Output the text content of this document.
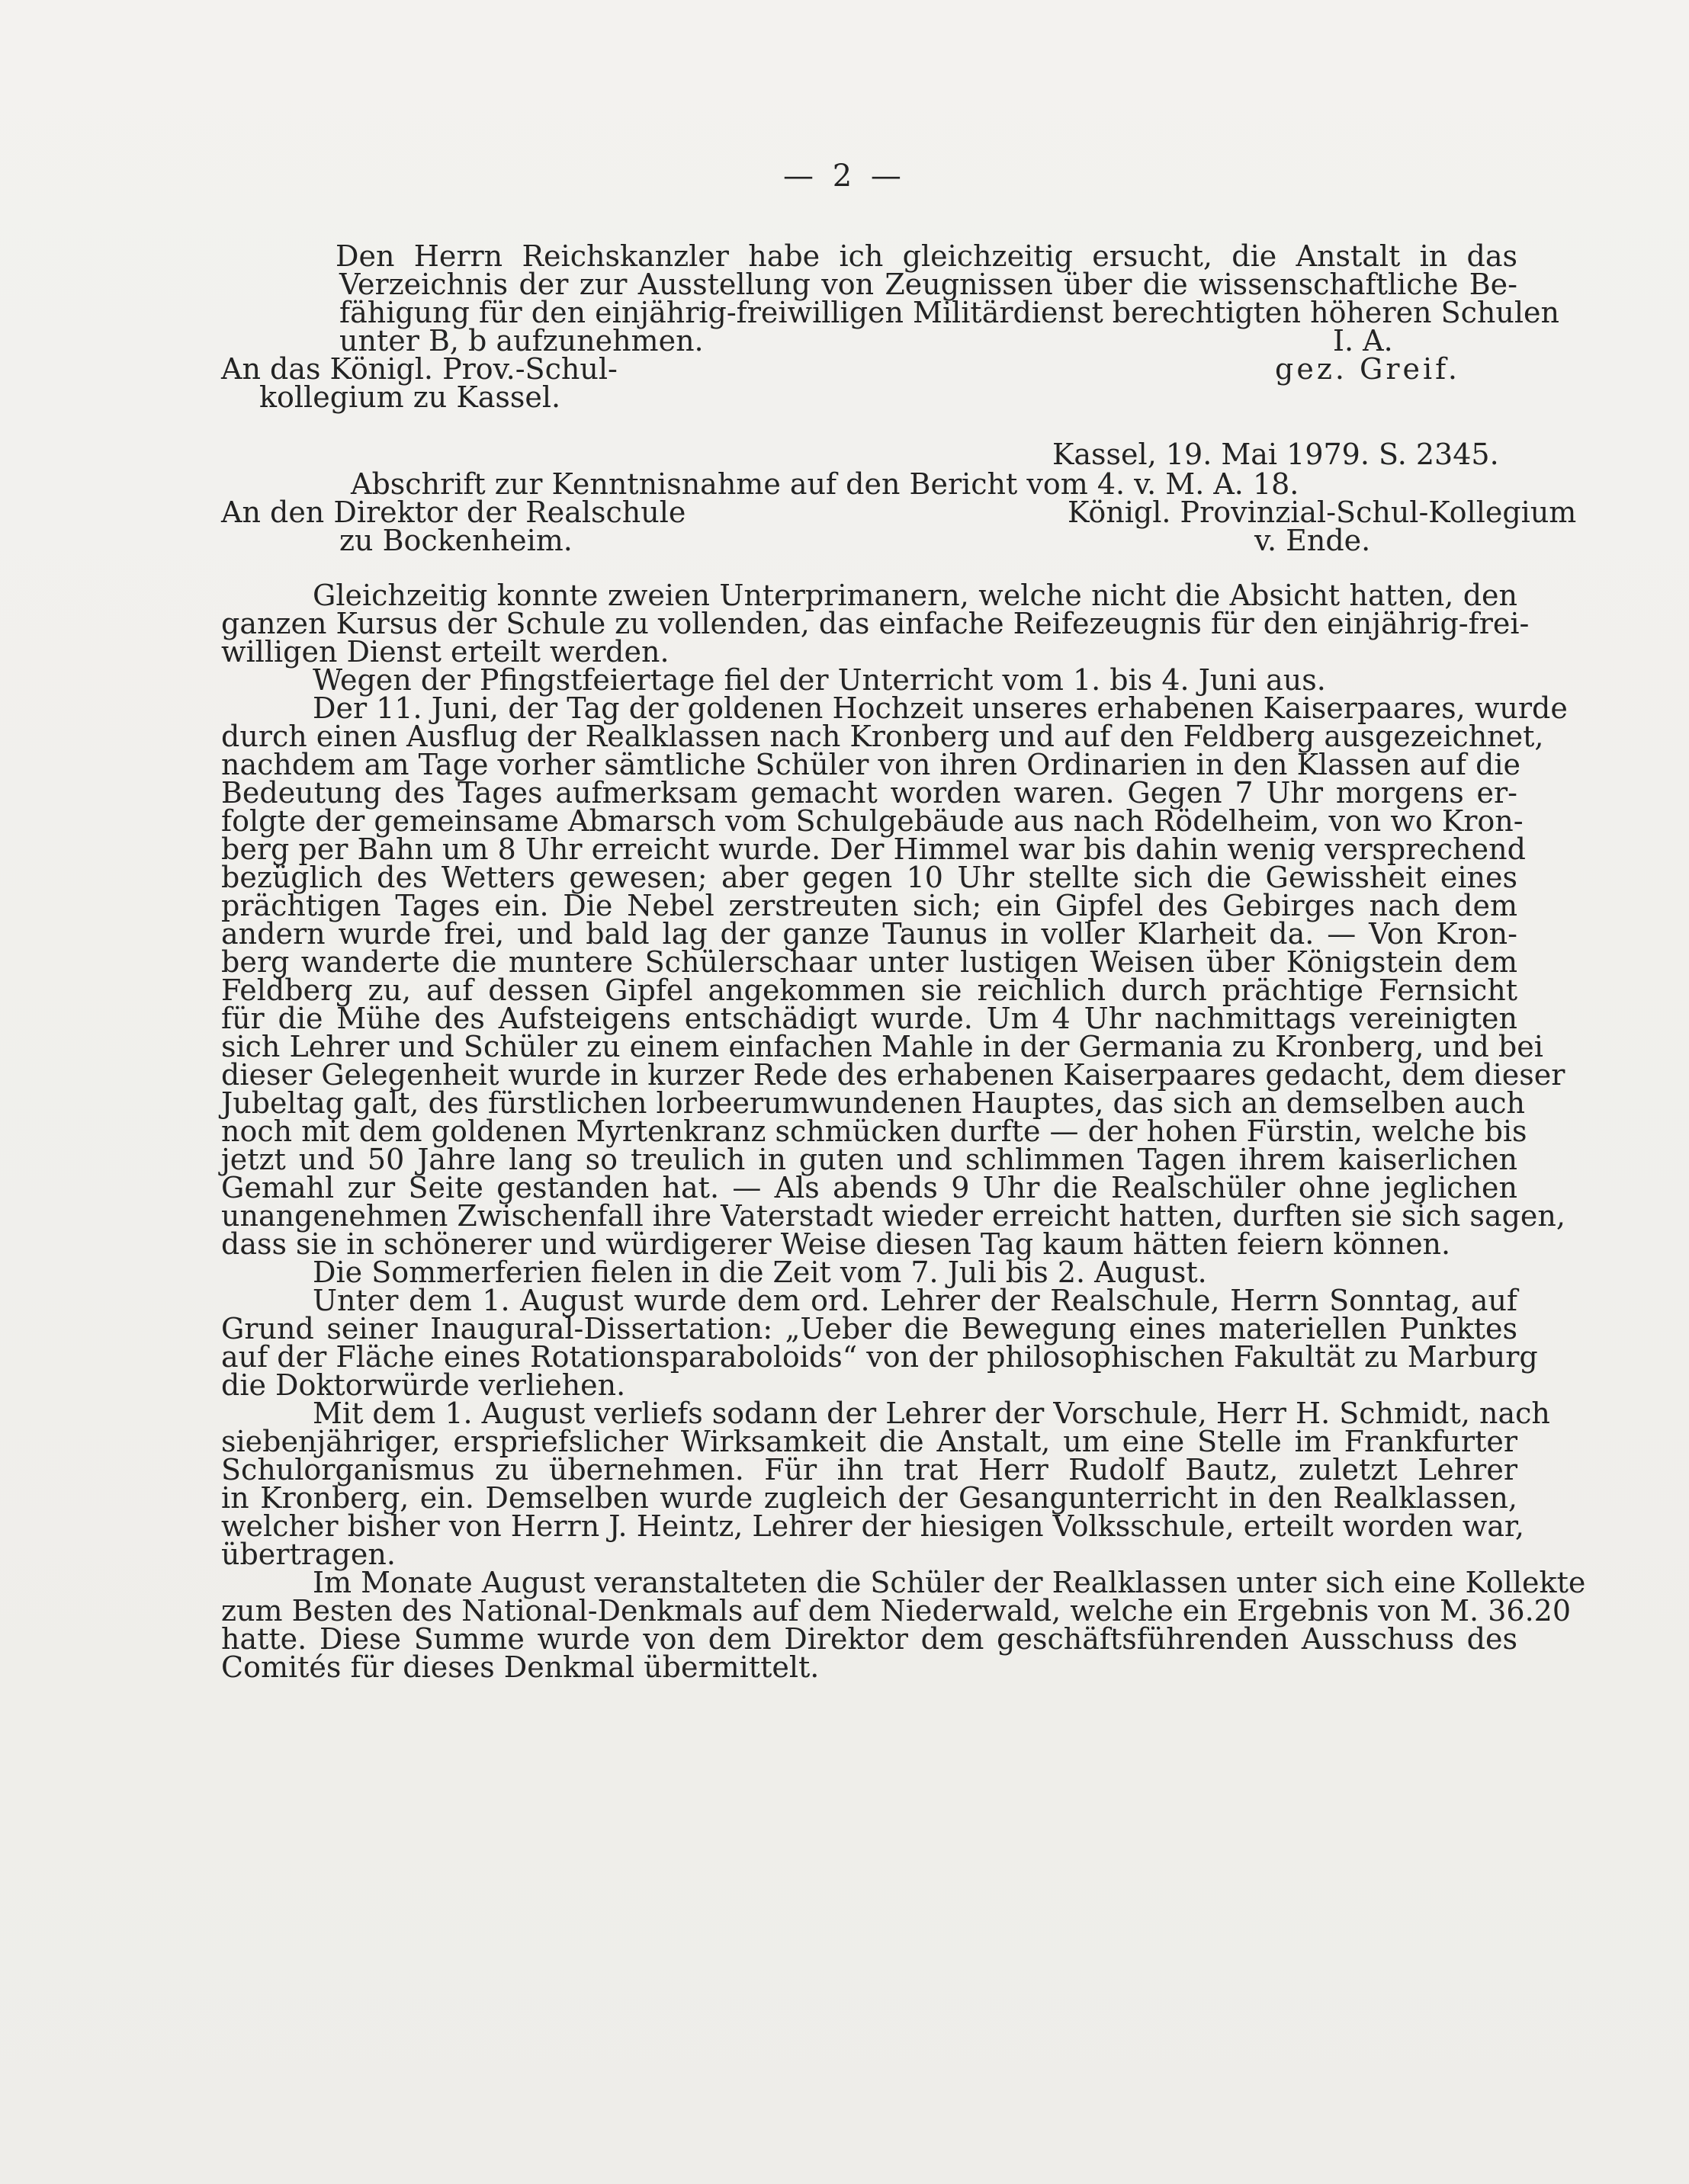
— 2 —
Den Herrn Reichskanzler habe ich gleichzeitig ersucht, die Anstalt in das
Verzeichnis der zur Ausstellung von Zeugnissen über die wissenschaftliche Be-
fähigung für den einjährig-freiwilligen Militärdienst berechtigten höheren Schulen
unter B, b aufzunehmen.	I. A.
An das Königl. Prov.-Schul-	gez. Greif.
kollegium zu Kassel.
Kassel, 19. Mai 1979. S. 2345.
Abschrift zur Kenntnisnahme auf den Bericht vom 4. v. M. A. 18.
An den Direktor der Realschule	Königl. Provinzial-Schul-Kollegium
zu Bockenheim.	v. Ende.
Gleichzeitig konnte zweien Unterprimanern, welche nicht die Absicht hatten, den
ganzen Kursus der Schule zu vollenden, das einfache Reifezeugnis für den einjährig-frei-
willigen Dienst erteilt werden.
Wegen der Pfingstfeiertage fiel der Unterricht vom 1. bis 4. Juni aus.
Der 11. Juni, der Tag der goldenen Hochzeit unseres erhabenen Kaiserpaares, wurde
durch einen Ausflug der Realklassen nach Kronberg und auf den Feldberg ausgezeichnet,
nachdem am Tage vorher sämtliche Schüler von ihren Ordinarien in den Klassen auf die
Bedeutung des Tages aufmerksam gemacht worden waren. Gegen 7 Uhr morgens er-
folgte der gemeinsame Abmarsch vom Schulgebäude aus nach Rödelheim, von wo Kron-
berg per Bahn um 8 Uhr erreicht wurde. Der Himmel war bis dahin wenig versprechend
bezüglich des Wetters gewesen; aber gegen 10 Uhr stellte sich die Gewissheit eines
prächtigen Tages ein. Die Nebel zerstreuten sich; ein Gipfel des Gebirges nach dem
andern wurde frei, und bald lag der ganze Taunus in voller Klarheit da. — Von Kron-
berg wanderte die muntere Schülerschaar unter lustigen Weisen über Königstein dem
Feldberg zu, auf dessen Gipfel angekommen sie reichlich durch prächtige Fernsicht
für die Mühe des Aufsteigens entschädigt wurde. Um 4 Uhr nachmittags vereinigten
sich Lehrer und Schüler zu einem einfachen Mahle in der Germania zu Kronberg, und bei
dieser Gelegenheit wurde in kurzer Rede des erhabenen Kaiserpaares gedacht, dem dieser
Jubeltag galt, des fürstlichen lorbeerumwundenen Hauptes, das sich an demselben auch
noch mit dem goldenen Myrtenkranz schmücken durfte — der hohen Fürstin, welche bis
jetzt und 50 Jahre lang so treulich in guten und schlimmen Tagen ihrem kaiserlichen
Gemahl zur Seite gestanden hat. — Als abends 9 Uhr die Realschüler ohne jeglichen
unangenehmen Zwischenfall ihre Vaterstadt wieder erreicht hatten, durften sie sich sagen,
dass sie in schönerer und würdigerer Weise diesen Tag kaum hätten feiern können.
Die Sommerferien fielen in die Zeit vom 7. Juli bis 2. August.
Unter dem 1. August wurde dem ord. Lehrer der Realschule, Herrn Sonntag, auf
Grund seiner Inaugural-Dissertation: „Ueber die Bewegung eines materiellen Punktes
auf der Fläche eines Rotationsparaboloids“ von der philosophischen Fakultät zu Marburg
die Doktorwürde verliehen.
Mit dem 1. August verliefs sodann der Lehrer der Vorschule, Herr H. Schmidt, nach
siebenjähriger, erspriefslicher Wirksamkeit die Anstalt, um eine Stelle im Frankfurter
Schulorganismus zu übernehmen. Für ihn trat Herr Rudolf Bautz, zuletzt Lehrer
in Kronberg, ein. Demselben wurde zugleich der Gesangunterricht in den Realklassen,
welcher bisher von Herrn J. Heintz, Lehrer der hiesigen Volksschule, erteilt worden war,
übertragen.
Im Monate August veranstalteten die Schüler der Realklassen unter sich eine Kollekte
zum Besten des National-Denkmals auf dem Niederwald, welche ein Ergebnis von M. 36.20
hatte. Diese Summe wurde von dem Direktor dem geschäftsführenden Ausschuss des
Comités für dieses Denkmal übermittelt.
